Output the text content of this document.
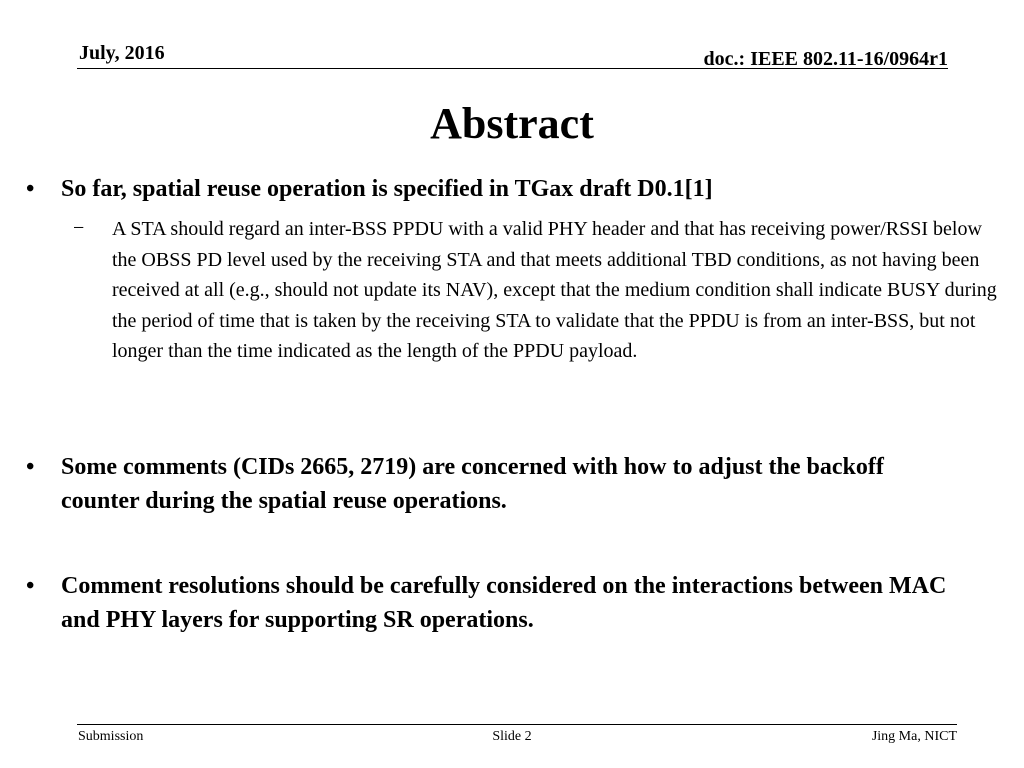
July, 2016	doc.: IEEE 802.11-16/0964r1
Abstract
• So far, spatial reuse operation is specified in TGax draft D0.1[1]
− A STA should regard an inter-BSS PPDU with a valid PHY header and that has receiving power/RSSI below the OBSS PD level used by the receiving STA and that meets additional TBD conditions, as not having been received at all (e.g., should not update its NAV), except that the medium condition shall indicate BUSY during the period of time that is taken by the receiving STA to validate that the PPDU is from an inter-BSS, but not longer than the time indicated as the length of the PPDU payload.
• Some comments (CIDs 2665, 2719) are concerned with how to adjust the backoff counter during the spatial reuse operations.
• Comment resolutions should be carefully considered on the interactions between MAC and PHY layers for supporting SR operations.
Submission	Slide 2	Jing Ma, NICT
